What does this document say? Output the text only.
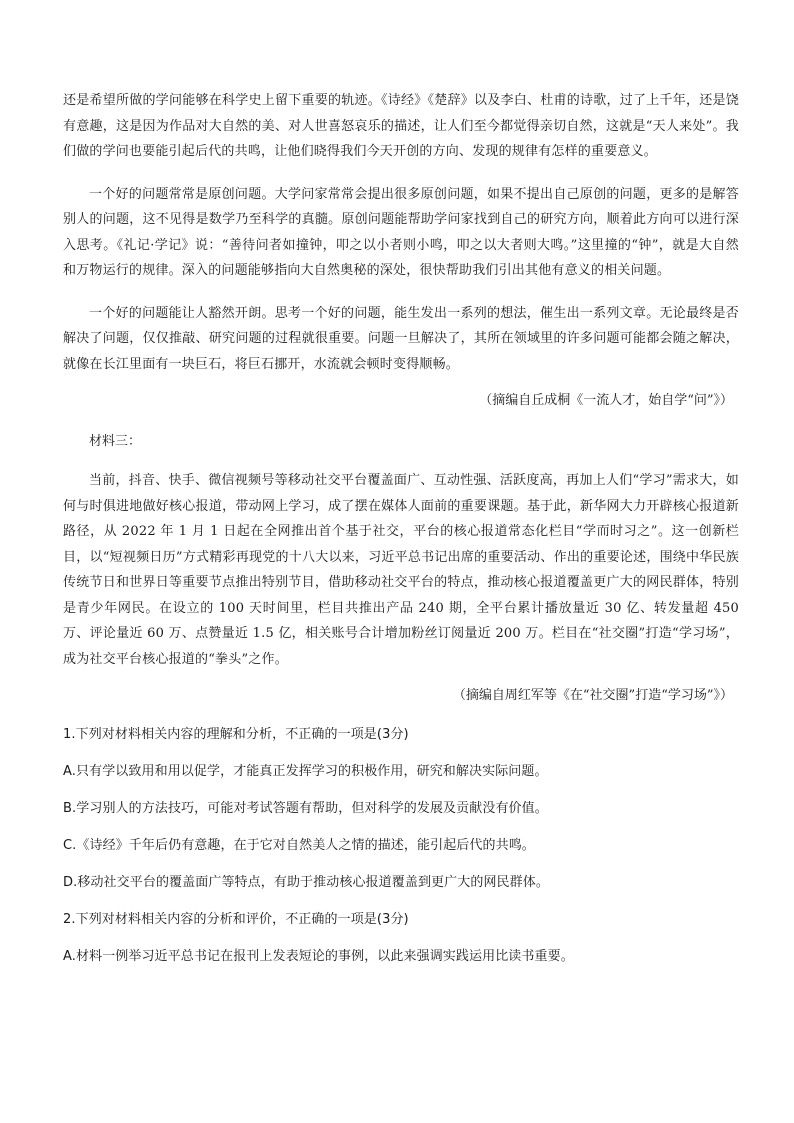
还是希望所做的学问能够在科学史上留下重要的轨迹。《诗经》《楚辞》以及李白、杜甫的诗歌，过了上千年，还是饶有意趣，这是因为作品对大自然的美、对人世喜怒哀乐的描述，让人们至今都觉得亲切自然，这就是“天人来处”。我们做的学问也要能引起后代的共鸣，让他们晓得我们今天开创的方向、发现的规律有怎样的重要意义。

一个好的问题常常是原创问题。大学问家常常会提出很多原创问题，如果不提出自己原创的问题，更多的是解答别人的问题，这不见得是数学乃至科学的真髓。原创问题能帮助学问家找到自己的研究方向，顺着此方向可以进行深入思考。《礼记·学记》说：“善待问者如撞钟，叩之以小者则小鸣，叩之以大者则大鸣。”这里撞的“钟”，就是大自然和万物运行的规律。深入的问题能够指向大自然奥秘的深处，很快帮助我们引出其他有意义的相关问题。

一个好的问题能让人豁然开朗。思考一个好的问题，能生发出一系列的想法，催生出一系列文章。无论最终是否解决了问题，仅仅推敲、研究问题的过程就很重要。问题一旦解决了，其所在领域里的许多问题可能都会随之解决，就像在长江里面有一块巨石，将巨石挪开，水流就会顿时变得顺畅。

（摘编自丘成桐《一流人才，始自学“问”》）

材料三：

当前，抖音、快手、微信视频号等移动社交平台覆盖面广、互动性强、活跃度高，再加上人们“学习”需求大，如何与时俱进地做好核心报道，带动网上学习，成了摆在媒体人面前的重要课题。基于此，新华网大力开辟核心报道新路径，从 2022 年 1 月 1 日起在全网推出首个基于社交，平台的核心报道常态化栏目“学而时习之”。这一创新栏目，以“短视频日历”方式精彩再现党的十八大以来，习近平总书记出席的重要活动、作出的重要论述，围绕中华民族传统节日和世界日等重要节点推出特别节目，借助移动社交平台的特点，推动核心报道覆盖更广大的网民群体，特别是青少年网民。在设立的 100 天时间里，栏目共推出产品 240 期，全平台累计播放量近 30 亿、转发量超 450 万、评论量近 60 万、点赞量近 1.5 亿，相关账号合计增加粉丝订阅量近 200 万。栏目在“社交圈”打造“学习场”，成为社交平台核心报道的“拳头”之作。

（摘编自周红军等《在“社交圈”打造“学习场”》）

1.下列对材料相关内容的理解和分析，不正确的一项是(3分)

A.只有学以致用和用以促学，才能真正发挥学习的积极作用，研究和解决实际问题。

B.学习别人的方法技巧，可能对考试答题有帮助，但对科学的发展及贡献没有价值。

C.《诗经》千年后仍有意趣，在于它对自然美人之情的描述，能引起后代的共鸣。

D.移动社交平台的覆盖面广等特点，有助于推动核心报道覆盖到更广大的网民群体。

2.下列对材料相关内容的分析和评价，不正确的一项是(3分)

A.材料一例举习近平总书记在报刊上发表短论的事例，以此来强调实践运用比读书重要。
